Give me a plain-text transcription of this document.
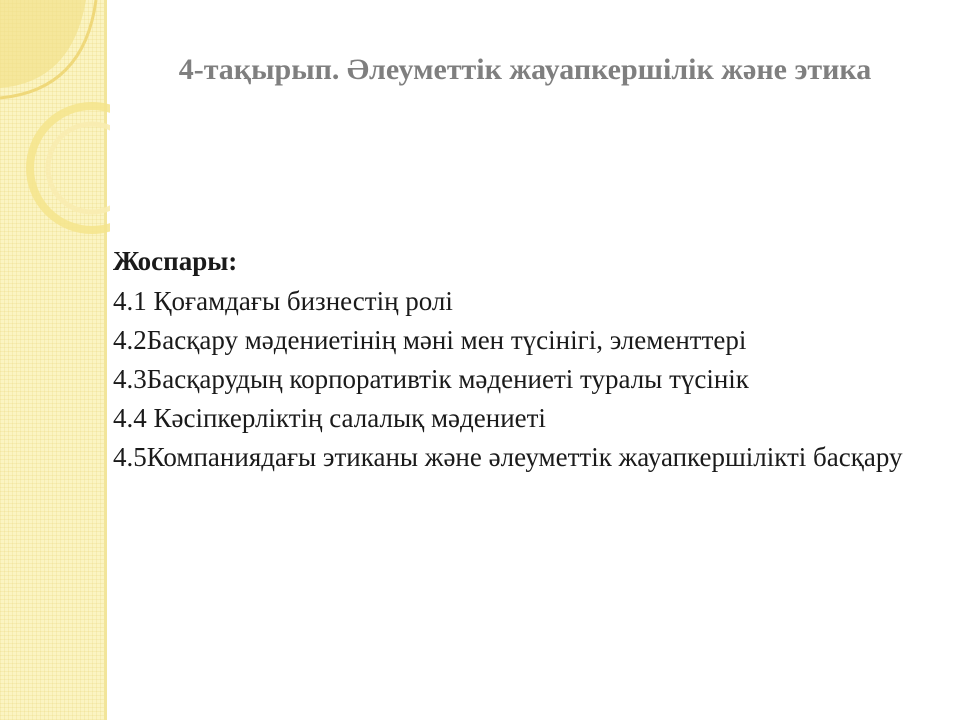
4-тақырып. Әлеуметтік жауапкершілік және этика
Жоспары:
4.1 Қоғамдағы бизнестің ролі
4.2Басқару мәдениетінің мәні мен түсінігі, элементтері
4.3Басқарудың корпоративтік мәдениеті туралы түсінік
4.4 Кәсіпкерліктің салалық мәдениеті
4.5Компаниядағы этиканы және әлеуметтік жауапкершілікті басқару
